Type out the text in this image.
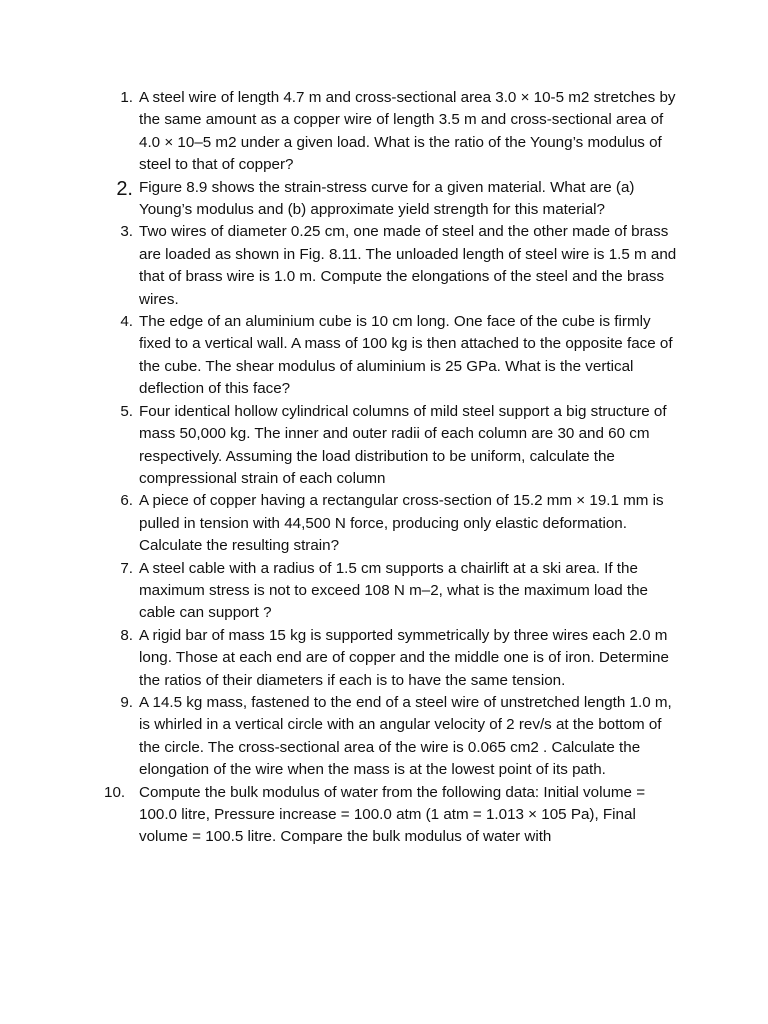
1. A steel wire of length 4.7 m and cross-sectional area 3.0 × 10-5 m2 stretches by the same amount as a copper wire of length 3.5 m and cross-sectional area of 4.0 × 10–5 m2 under a given load. What is the ratio of the Young’s modulus of steel to that of copper?
2. Figure 8.9 shows the strain-stress curve for a given material. What are (a) Young’s modulus and (b) approximate yield strength for this material?
3. Two wires of diameter 0.25 cm, one made of steel and the other made of brass are loaded as shown in Fig. 8.11. The unloaded length of steel wire is 1.5 m and that of brass wire is 1.0 m. Compute the elongations of the steel and the brass wires.
4. The edge of an aluminium cube is 10 cm long. One face of the cube is firmly fixed to a vertical wall. A mass of 100 kg is then attached to the opposite face of the cube. The shear modulus of aluminium is 25 GPa. What is the vertical deflection of this face?
5. Four identical hollow cylindrical columns of mild steel support a big structure of mass 50,000 kg. The inner and outer radii of each column are 30 and 60 cm respectively. Assuming the load distribution to be uniform, calculate the compressional strain of each column
6. A piece of copper having a rectangular cross-section of 15.2 mm × 19.1 mm is pulled in tension with 44,500 N force, producing only elastic deformation. Calculate the resulting strain?
7. A steel cable with a radius of 1.5 cm supports a chairlift at a ski area. If the maximum stress is not to exceed 108 N m–2, what is the maximum load the cable can support ?
8. A rigid bar of mass 15 kg is supported symmetrically by three wires each 2.0 m long. Those at each end are of copper and the middle one is of iron. Determine the ratios of their diameters if each is to have the same tension.
9. A 14.5 kg mass, fastened to the end of a steel wire of unstretched length 1.0 m, is whirled in a vertical circle with an angular velocity of 2 rev/s at the bottom of the circle. The cross-sectional area of the wire is 0.065 cm2 . Calculate the elongation of the wire when the mass is at the lowest point of its path.
10. Compute the bulk modulus of water from the following data: Initial volume = 100.0 litre, Pressure increase = 100.0 atm (1 atm = 1.013 × 105 Pa), Final volume = 100.5 litre. Compare the bulk modulus of water with
